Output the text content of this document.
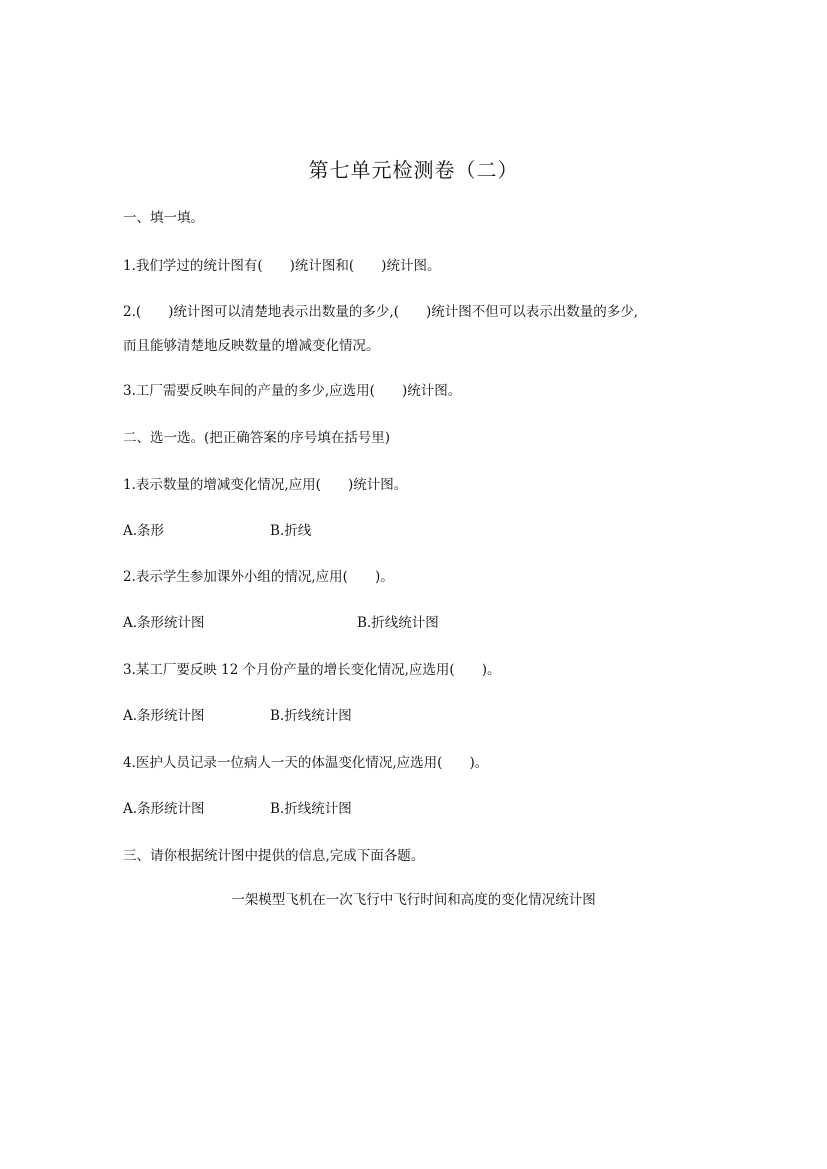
第七单元检测卷（二）
一、填一填。
1.我们学过的统计图有(　　)统计图和(　　)统计图。
2.(　　)统计图可以清楚地表示出数量的多少,(　　)统计图不但可以表示出数量的多少,
而且能够清楚地反映数量的增减变化情况。
3.工厂需要反映车间的产量的多少,应选用(　　)统计图。
二、选一选。(把正确答案的序号填在括号里)
1.表示数量的增减变化情况,应用(　　)统计图。
A.条形	B.折线
2.表示学生参加课外小组的情况,应用(　　)。
A.条形统计图	B.折线统计图
3.某工厂要反映 12 个月份产量的增长变化情况,应选用(　　)。
A.条形统计图	B.折线统计图
4.医护人员记录一位病人一天的体温变化情况,应选用(　　)。
A.条形统计图	B.折线统计图
三、请你根据统计图中提供的信息,完成下面各题。
一架模型飞机在一次飞行中飞行时间和高度的变化情况统计图
